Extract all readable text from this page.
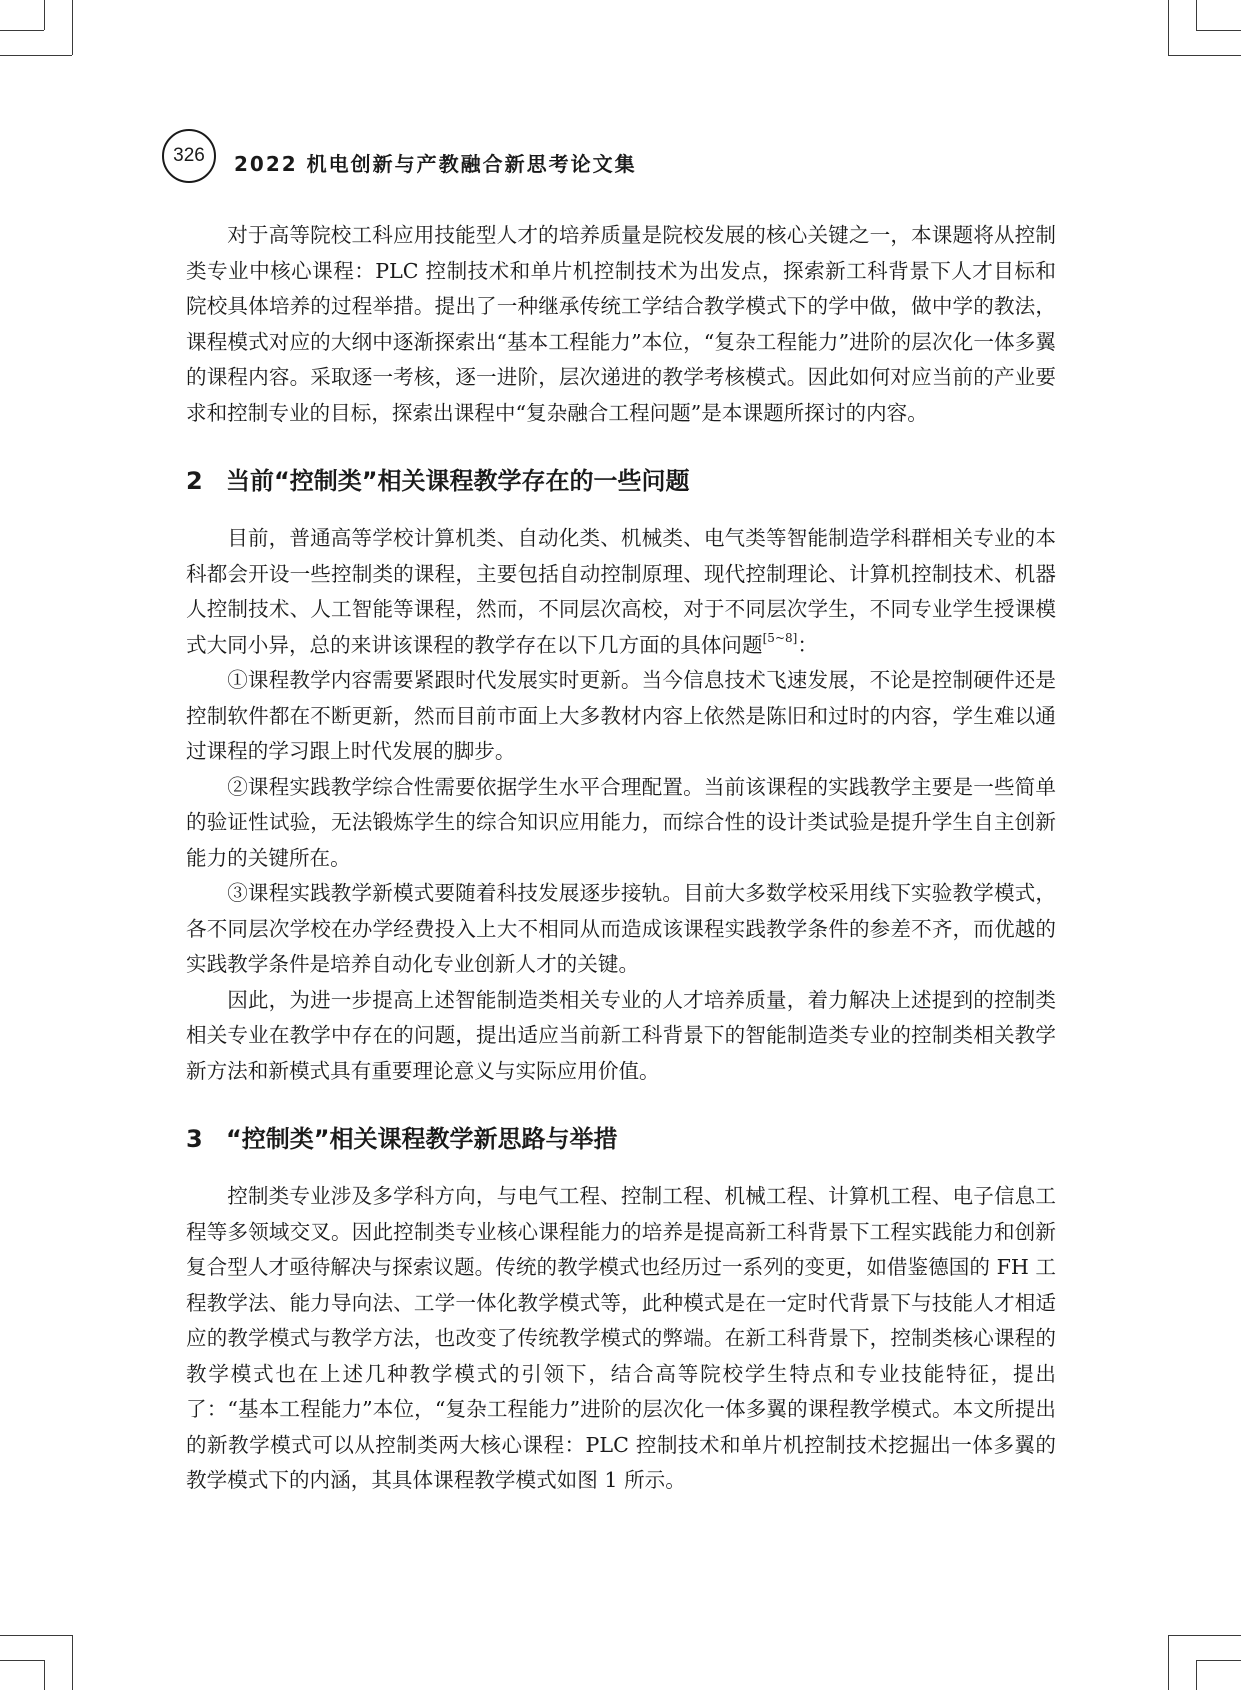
326	2022 机电创新与产教融合新思考论文集

对于高等院校工科应用技能型人才的培养质量是院校发展的核心关键之一，本课题将从控制类专业中核心课程：PLC 控制技术和单片机控制技术为出发点，探索新工科背景下人才目标和院校具体培养的过程举措。提出了一种继承传统工学结合教学模式下的学中做，做中学的教法，课程模式对应的大纲中逐渐探索出“基本工程能力”本位，“复杂工程能力”进阶的层次化一体多翼的课程内容。采取逐一考核，逐一进阶，层次递进的教学考核模式。因此如何对应当前的产业要求和控制专业的目标，探索出课程中“复杂融合工程问题”是本课题所探讨的内容。

2 当前“控制类”相关课程教学存在的一些问题

目前，普通高等学校计算机类、自动化类、机械类、电气类等智能制造学科群相关专业的本科都会开设一些控制类的课程，主要包括自动控制原理、现代控制理论、计算机控制技术、机器人控制技术、人工智能等课程，然而，不同层次高校，对于不同层次学生，不同专业学生授课模式大同小异，总的来讲该课程的教学存在以下几方面的具体问题[5~8]：

①课程教学内容需要紧跟时代发展实时更新。当今信息技术飞速发展，不论是控制硬件还是控制软件都在不断更新，然而目前市面上大多教材内容上依然是陈旧和过时的内容，学生难以通过课程的学习跟上时代发展的脚步。

②课程实践教学综合性需要依据学生水平合理配置。当前该课程的实践教学主要是一些简单的验证性试验，无法锻炼学生的综合知识应用能力，而综合性的设计类试验是提升学生自主创新能力的关键所在。

③课程实践教学新模式要随着科技发展逐步接轨。目前大多数学校采用线下实验教学模式，各不同层次学校在办学经费投入上大不相同从而造成该课程实践教学条件的参差不齐，而优越的实践教学条件是培养自动化专业创新人才的关键。

因此，为进一步提高上述智能制造类相关专业的人才培养质量，着力解决上述提到的控制类相关专业在教学中存在的问题，提出适应当前新工科背景下的智能制造类专业的控制类相关教学新方法和新模式具有重要理论意义与实际应用价值。

3 “控制类”相关课程教学新思路与举措

控制类专业涉及多学科方向，与电气工程、控制工程、机械工程、计算机工程、电子信息工程等多领域交叉。因此控制类专业核心课程能力的培养是提高新工科背景下工程实践能力和创新复合型人才亟待解决与探索议题。传统的教学模式也经历过一系列的变更，如借鉴德国的 FH 工程教学法、能力导向法、工学一体化教学模式等，此种模式是在一定时代背景下与技能人才相适应的教学模式与教学方法，也改变了传统教学模式的弊端。在新工科背景下，控制类核心课程的教学模式也在上述几种教学模式的引领下，结合高等院校学生特点和专业技能特征，提出了：“基本工程能力”本位，“复杂工程能力”进阶的层次化一体多翼的课程教学模式。本文所提出的新教学模式可以从控制类两大核心课程：PLC 控制技术和单片机控制技术挖掘出一体多翼的教学模式下的内涵，其具体课程教学模式如图 1 所示。
